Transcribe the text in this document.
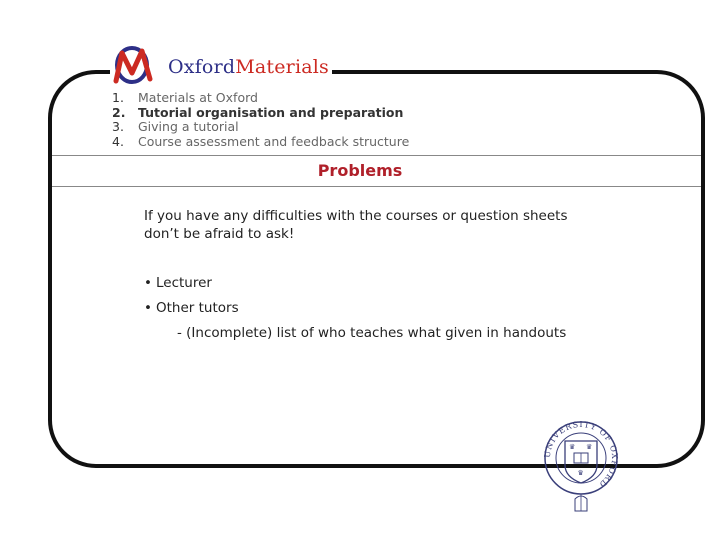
OxfordMaterials
1.	Materials at Oxford
2.	Tutorial organisation and preparation
3.	Giving a tutorial
4.	Course assessment and feedback structure
Problems
If you have any difficulties with the courses or question sheets don’t be afraid to ask!
• Lecturer
• Other tutors
- (Incomplete) list of who teaches what given in handouts
UNIVERSITY OF OXFORD
♛ ♛
♛
